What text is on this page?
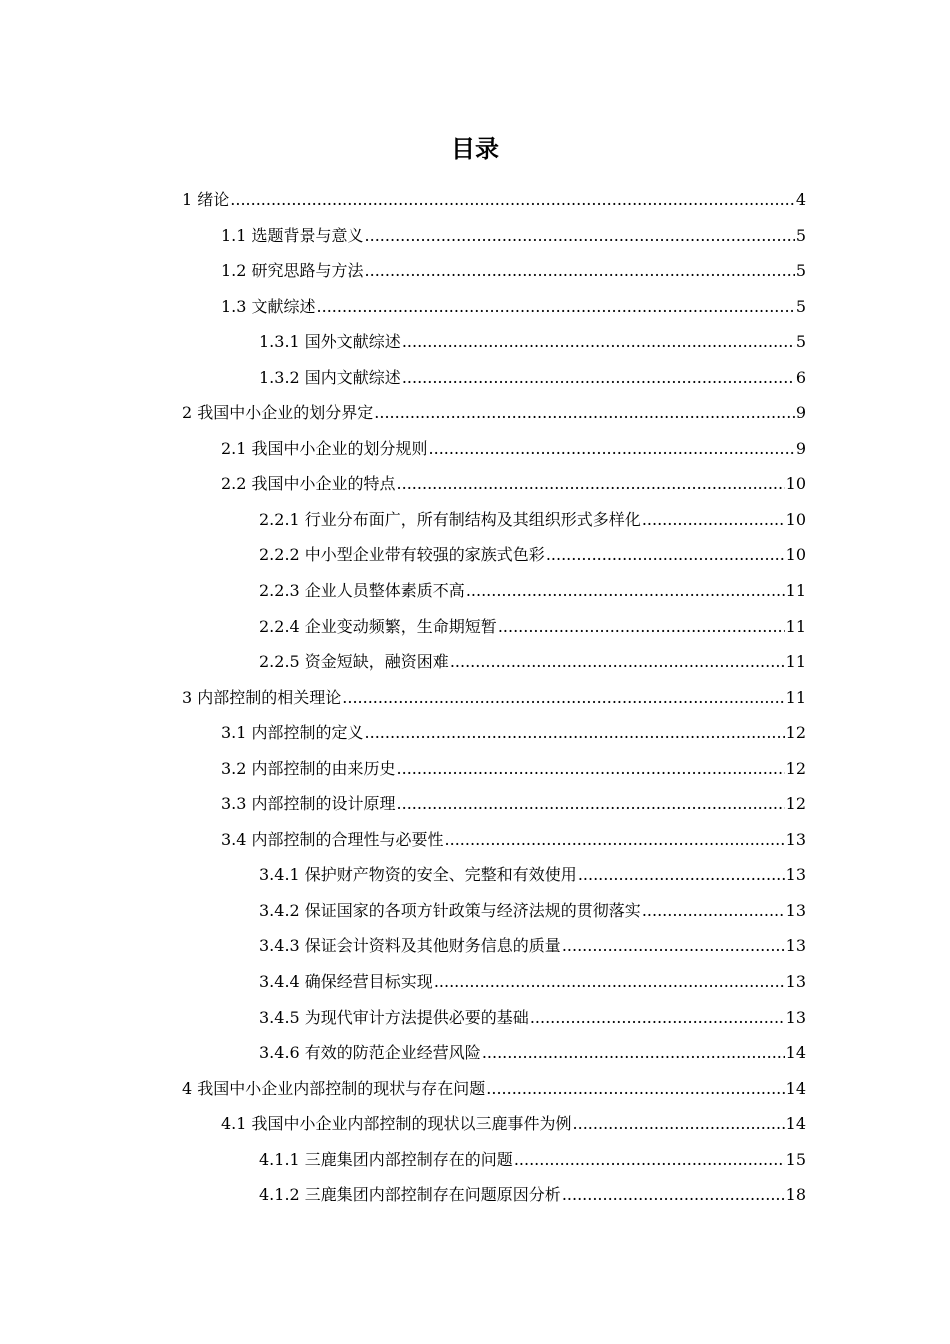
目录
1 绪论 .....	4
1.1 选题背景与意义 .....	5
1.2 研究思路与方法 .....	5
1.3 文献综述 .....	5
1.3.1 国外文献综述 .....	5
1.3.2 国内文献综述 .....	6
2 我国中小企业的划分界定 .....	9
2.1 我国中小企业的划分规则 .....	9
2.2 我国中小企业的特点 .....	10
2.2.1 行业分布面广，所有制结构及其组织形式多样化 .....	10
2.2.2 中小型企业带有较强的家族式色彩 .....	10
2.2.3 企业人员整体素质不高 .....	11
2.2.4 企业变动频繁，生命期短暂 .....	11
2.2.5 资金短缺，融资困难 .....	11
3 内部控制的相关理论 .....	11
3.1 内部控制的定义 .....	12
3.2 内部控制的由来历史 .....	12
3.3 内部控制的设计原理 .....	12
3.4 内部控制的合理性与必要性 .....	13
3.4.1 保护财产物资的安全、完整和有效使用 .....	13
3.4.2 保证国家的各项方针政策与经济法规的贯彻落实 .....	13
3.4.3 保证会计资料及其他财务信息的质量 .....	13
3.4.4 确保经营目标实现 .....	13
3.4.5 为现代审计方法提供必要的基础 .....	13
3.4.6 有效的防范企业经营风险 .....	14
4 我国中小企业内部控制的现状与存在问题 .....	14
4.1 我国中小企业内部控制的现状以三鹿事件为例 .....	14
4.1.1 三鹿集团内部控制存在的问题 .....	15
4.1.2 三鹿集团内部控制存在问题原因分析 .....	18
